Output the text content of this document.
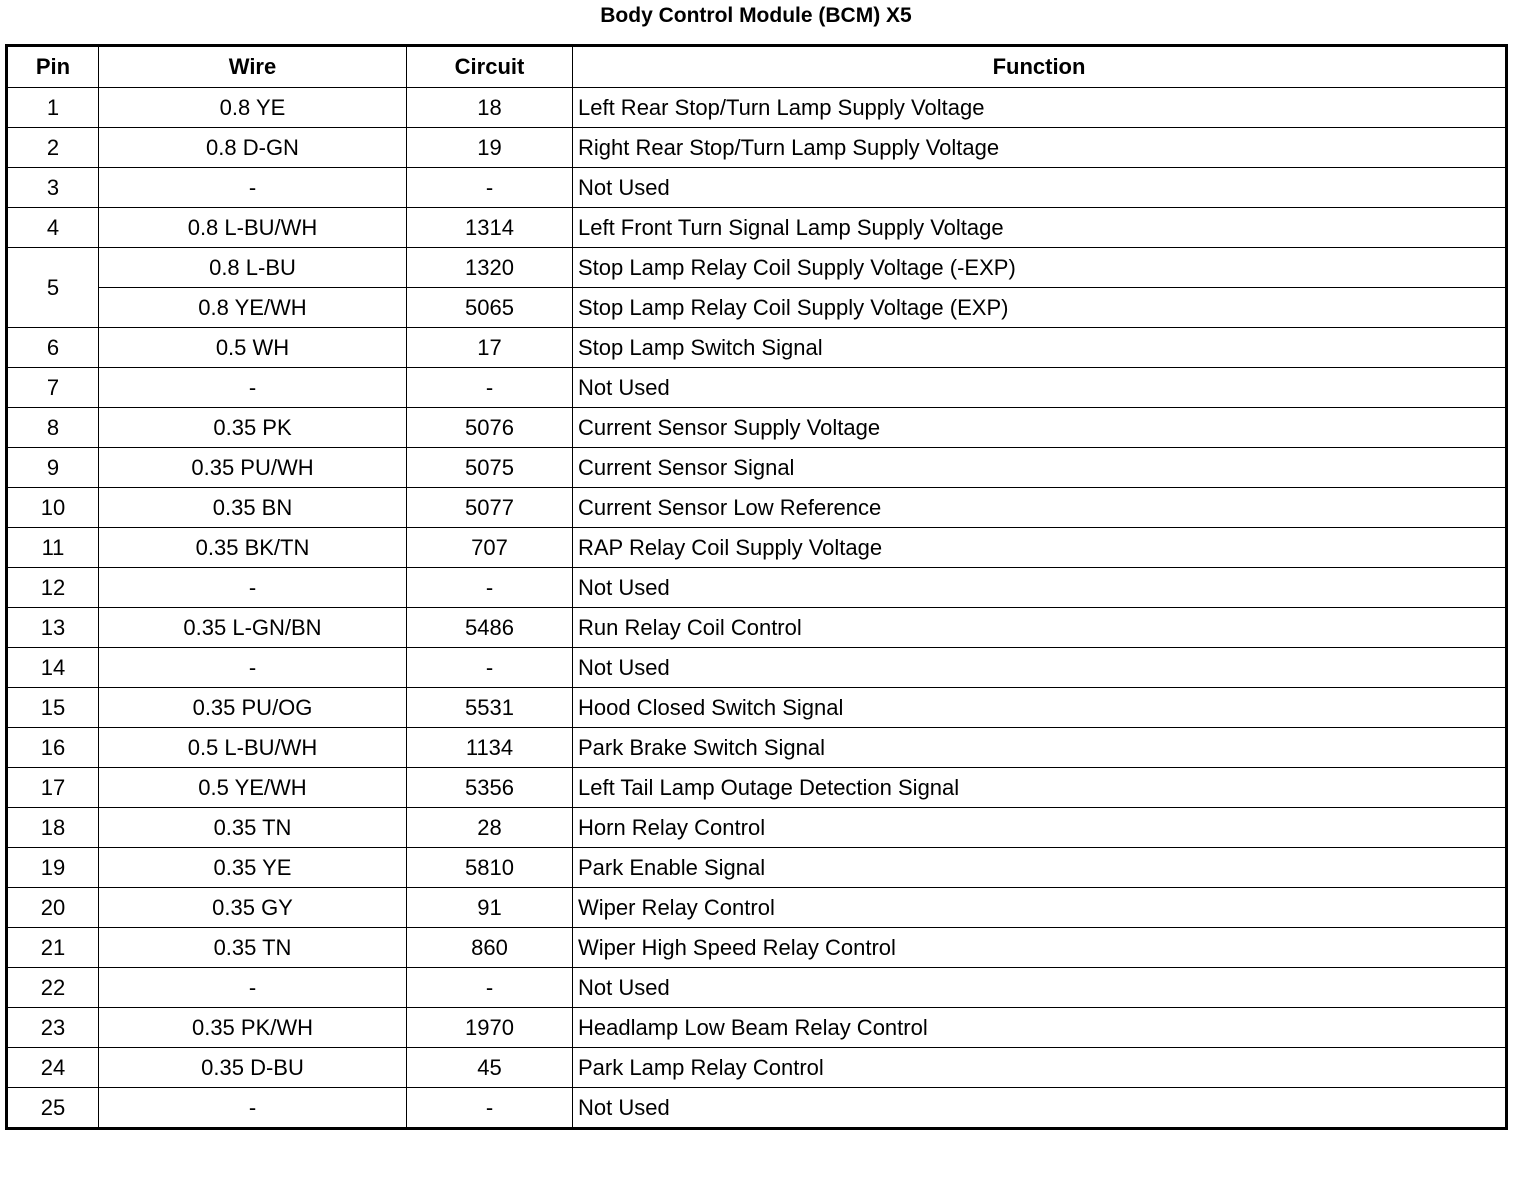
Body Control Module (BCM) X5
Pin	Wire	Circuit	Function
1	0.8 YE	18	Left Rear Stop/Turn Lamp Supply Voltage
2	0.8 D-GN	19	Right Rear Stop/Turn Lamp Supply Voltage
3	-	-	Not Used
4	0.8 L-BU/WH	1314	Left Front Turn Signal Lamp Supply Voltage
5	0.8 L-BU	1320	Stop Lamp Relay Coil Supply Voltage (-EXP)
	0.8 YE/WH	5065	Stop Lamp Relay Coil Supply Voltage (EXP)
6	0.5 WH	17	Stop Lamp Switch Signal
7	-	-	Not Used
8	0.35 PK	5076	Current Sensor Supply Voltage
9	0.35 PU/WH	5075	Current Sensor Signal
10	0.35 BN	5077	Current Sensor Low Reference
11	0.35 BK/TN	707	RAP Relay Coil Supply Voltage
12	-	-	Not Used
13	0.35 L-GN/BN	5486	Run Relay Coil Control
14	-	-	Not Used
15	0.35 PU/OG	5531	Hood Closed Switch Signal
16	0.5 L-BU/WH	1134	Park Brake Switch Signal
17	0.5 YE/WH	5356	Left Tail Lamp Outage Detection Signal
18	0.35 TN	28	Horn Relay Control
19	0.35 YE	5810	Park Enable Signal
20	0.35 GY	91	Wiper Relay Control
21	0.35 TN	860	Wiper High Speed Relay Control
22	-	-	Not Used
23	0.35 PK/WH	1970	Headlamp Low Beam Relay Control
24	0.35 D-BU	45	Park Lamp Relay Control
25	-	-	Not Used
